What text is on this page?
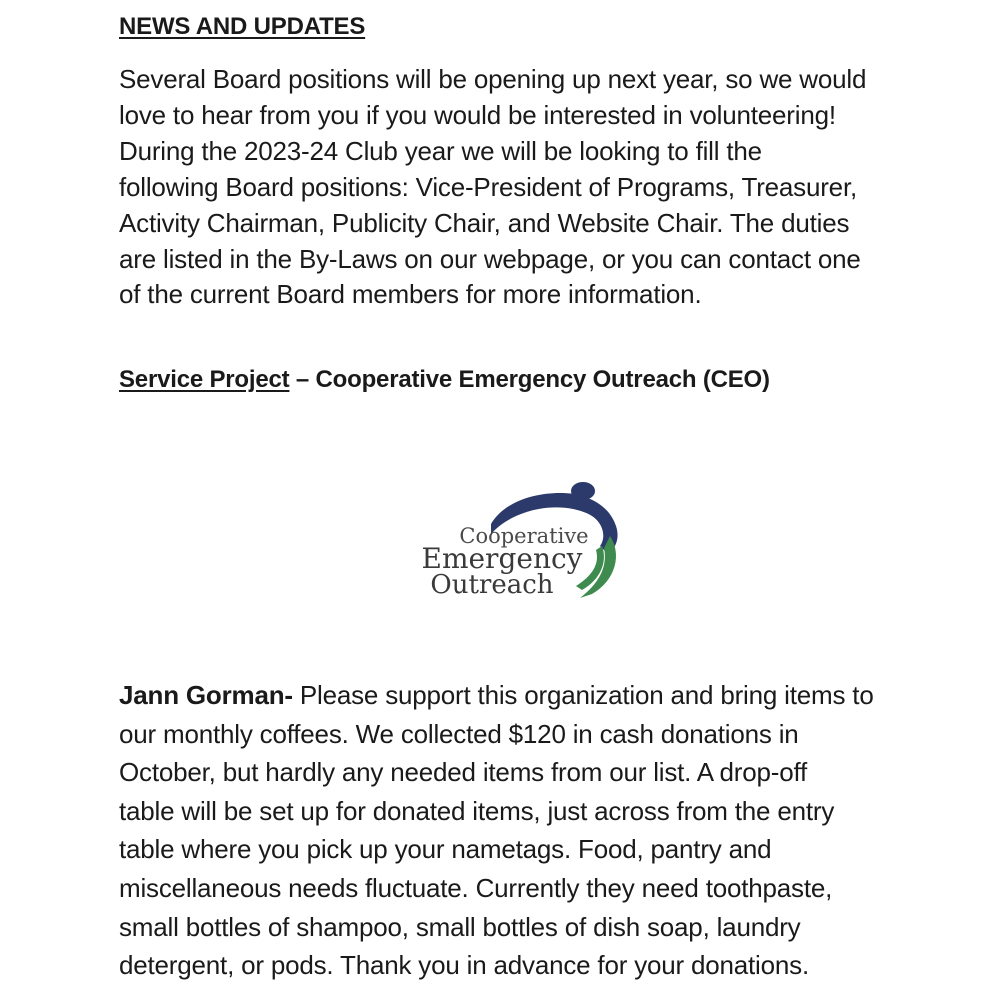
NEWS AND UPDATES
Several Board positions will be opening up next year, so we would
love to hear from you if you would be interested in volunteering!
During the 2023-24 Club year we will be looking to fill the
following Board positions: Vice-President of Programs, Treasurer,
Activity Chairman, Publicity Chair, and Website Chair. The duties
are listed in the By-Laws on our webpage, or you can contact one
of the current Board members for more information.
Service Project – Cooperative Emergency Outreach (CEO)
Cooperative
Emergency
Outreach
Jann Gorman- Please support this organization and bring items to
our monthly coffees. We collected $120 in cash donations in
October, but hardly any needed items from our list. A drop-off
table will be set up for donated items, just across from the entry
table where you pick up your nametags. Food, pantry and
miscellaneous needs fluctuate. Currently they need toothpaste,
small bottles of shampoo, small bottles of dish soap, laundry
detergent, or pods. Thank you in advance for your donations.
